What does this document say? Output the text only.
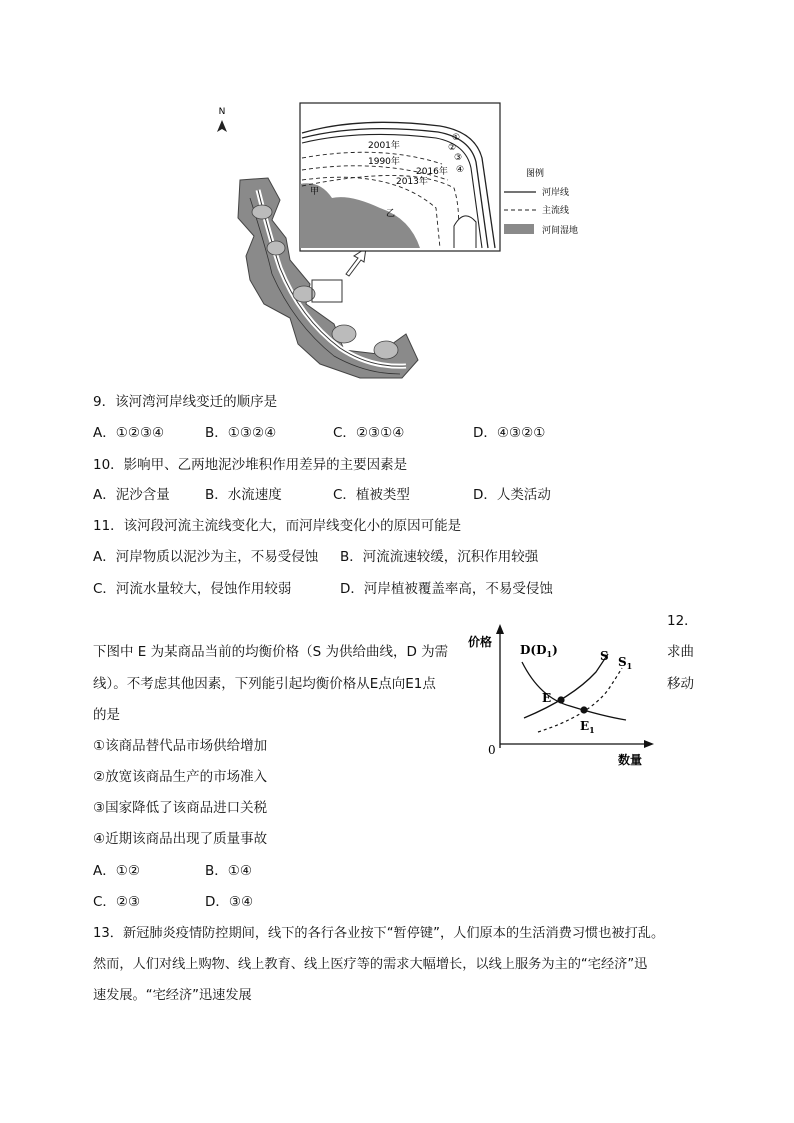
N
2001年
1990年
2016年
2013年
①
②
③
④
甲
乙
图例
河岸线
主流线
河间湿地
9．该河湾河岸线变迁的顺序是
A．①②③④	B．①③②④	C．②③①④	D．④③②①
10．影响甲、乙两地泥沙堆积作用差异的主要因素是
A．泥沙含量	B．水流速度	C．植被类型	D．人类活动
11．该河段河流主流线变化大，而河岸线变化小的原因可能是
A．河岸物质以泥沙为主，不易受侵蚀 B．河流流速较缓，沉积作用较强
C．河流水量较大，侵蚀作用较弱	D．河岸植被覆盖率高，不易受侵蚀
12．
下图中 E 为某商品当前的均衡价格（S 为供给曲线，D 为需	求曲
线）。不考虑其他因素，下列能引起均衡价格从E点向E1点	移动
的是
价格
数量
0
$D(D_1)$	S $S_1$
E
$E_1$
①该商品替代品市场供给增加
②放宽该商品生产的市场准入
③国家降低了该商品进口关税
④近期该商品出现了质量事故
A．①②	B．①④
C．②③	D．③④
13．新冠肺炎疫情防控期间，线下的各行各业按下“暂停键”，人们原本的生活消费习惯也被打乱。
然而，人们对线上购物、线上教育、线上医疗等的需求大幅增长，以线上服务为主的“宅经济”迅
速发展。“宅经济”迅速发展
